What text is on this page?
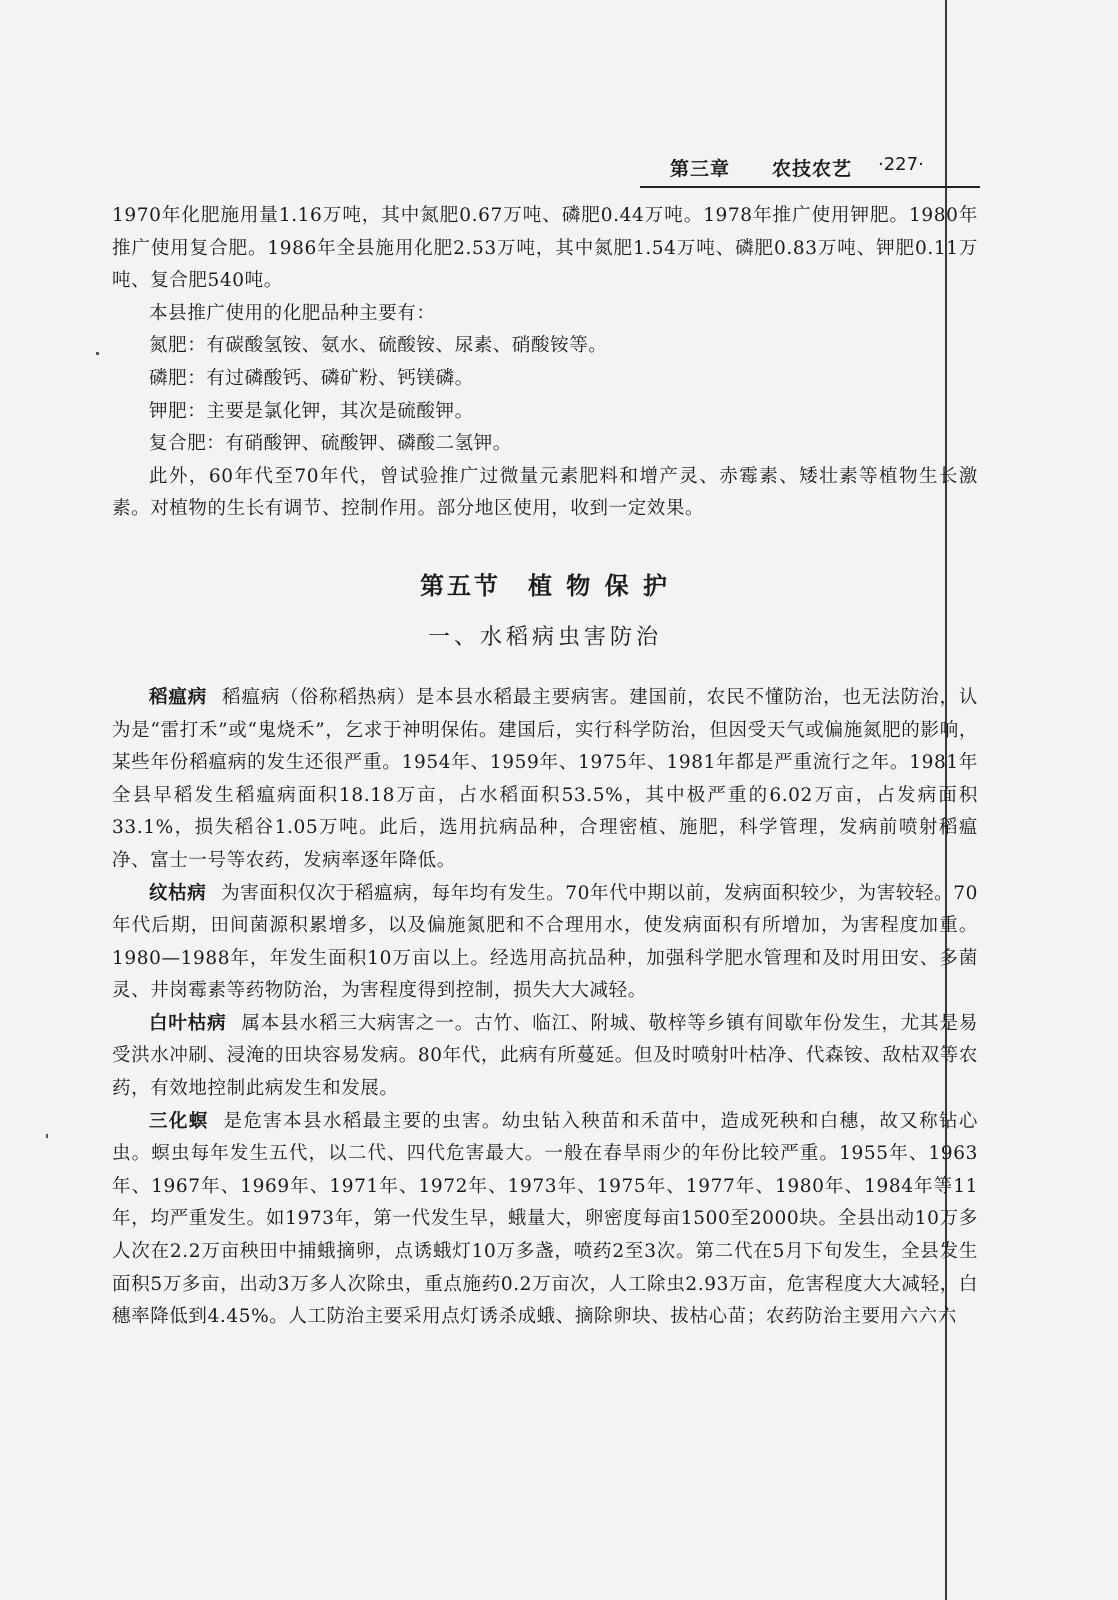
第三章 农技农艺 ·227·

1970年化肥施用量1.16万吨，其中氮肥0.67万吨、磷肥0.44万吨。1978年推广使用钾肥。1980年推广使用复合肥。1986年全县施用化肥2.53万吨，其中氮肥1.54万吨、磷肥0.83万吨、钾肥0.11万吨、复合肥540吨。

本县推广使用的化肥品种主要有：

氮肥：有碳酸氢铵、氨水、硫酸铵、尿素、硝酸铵等。

磷肥：有过磷酸钙、磷矿粉、钙镁磷。

钾肥：主要是氯化钾，其次是硫酸钾。

复合肥：有硝酸钾、硫酸钾、磷酸二氢钾。

此外，60年代至70年代，曾试验推广过微量元素肥料和增产灵、赤霉素、矮壮素等植物生长激素。对植物的生长有调节、控制作用。部分地区使用，收到一定效果。

第五节　植 物 保 护
一、水稻病虫害防治

稻瘟病 稻瘟病（俗称稻热病）是本县水稻最主要病害。建国前，农民不懂防治，也无法防治，认为是“雷打禾”或“鬼烧禾”，乞求于神明保佑。建国后，实行科学防治，但因受天气或偏施氮肥的影响，某些年份稻瘟病的发生还很严重。1954年、1959年、1975年、1981年都是严重流行之年。1981年全县早稻发生稻瘟病面积18.18万亩，占水稻面积53.5%，其中极严重的6.02万亩，占发病面积33.1%，损失稻谷1.05万吨。此后，选用抗病品种，合理密植、施肥，科学管理，发病前喷射稻瘟净、富士一号等农药，发病率逐年降低。

纹枯病 为害面积仅次于稻瘟病，每年均有发生。70年代中期以前，发病面积较少，为害较轻。70年代后期，田间菌源积累增多，以及偏施氮肥和不合理用水，使发病面积有所增加，为害程度加重。1980—1988年，年发生面积10万亩以上。经选用高抗品种，加强科学肥水管理和及时用田安、多菌灵、井岗霉素等药物防治，为害程度得到控制，损失大大减轻。

白叶枯病 属本县水稻三大病害之一。古竹、临江、附城、敬梓等乡镇有间歇年份发生，尤其是易受洪水冲刷、浸淹的田块容易发病。80年代，此病有所蔓延。但及时喷射叶枯净、代森铵、敌枯双等农药，有效地控制此病发生和发展。

三化螟 是危害本县水稻最主要的虫害。幼虫钻入秧苗和禾苗中，造成死秧和白穗，故又称钻心虫。螟虫每年发生五代，以二代、四代危害最大。一般在春旱雨少的年份比较严重。1955年、1963年、1967年、1969年、1971年、1972年、1973年、1975年、1977年、1980年、1984年等11年，均严重发生。如1973年，第一代发生早，蛾量大，卵密度每亩1500至2000块。全县出动10万多人次在2.2万亩秧田中捕蛾摘卵，点诱蛾灯10万多盏，喷药2至3次。第二代在5月下旬发生，全县发生面积5万多亩，出动3万多人次除虫，重点施药0.2万亩次，人工除虫2.93万亩，危害程度大大减轻，白穗率降低到4.45%。人工防治主要采用点灯诱杀成蛾、摘除卵块、拔枯心苗；农药防治主要用六六六
